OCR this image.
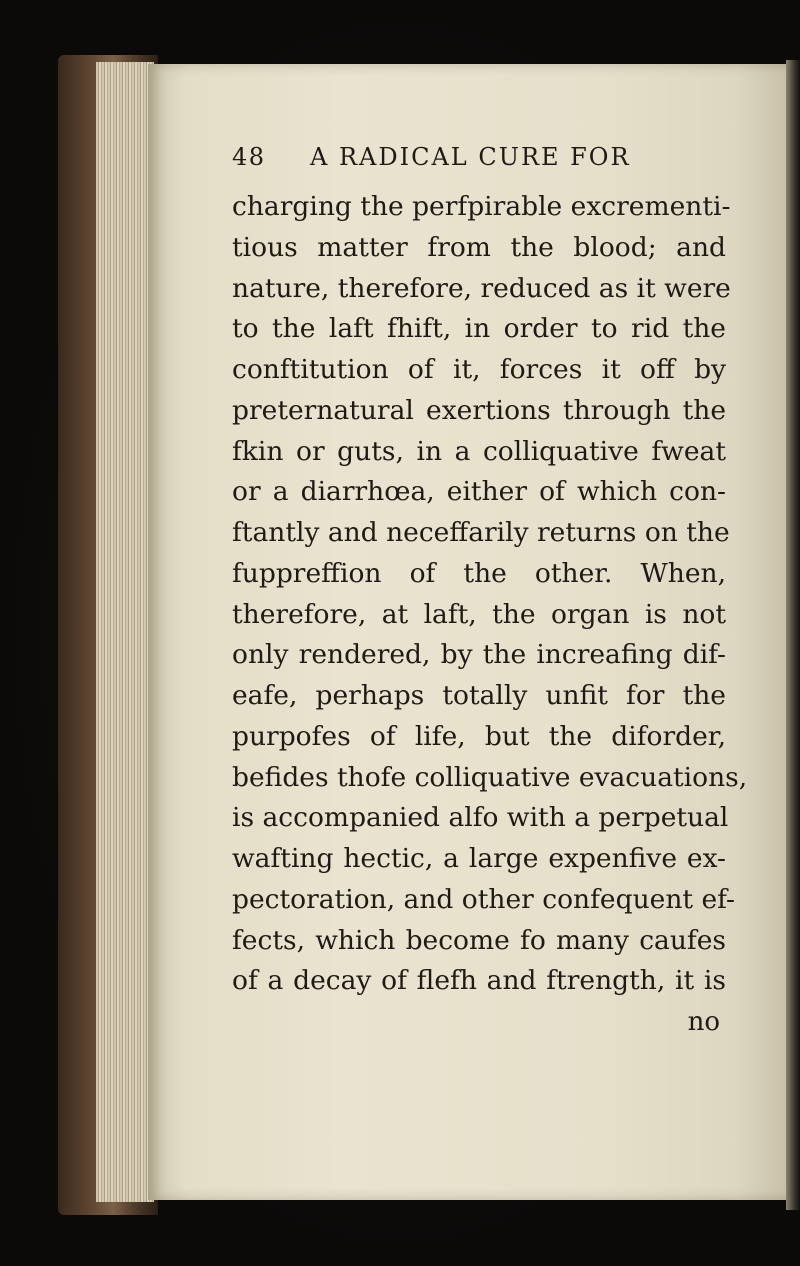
48	A RADICAL CURE FOR
charging the perfpirable excrementi-
tious matter from the blood; and
nature, therefore, reduced as it were
to the laft fhift, in order to rid the
conftitution of it, forces it off by
preternatural exertions through the
fkin or guts, in a colliquative fweat
or a diarrhœa, either of which con-
ftantly and neceffarily returns on the
fuppreffion of the other. When,
therefore, at laft, the organ is not
only rendered, by the increafing dif-
eafe, perhaps totally unfit for the
purpofes of life, but the diforder,
befides thofe colliquative evacuations,
is accompanied alfo with a perpetual
wafting hectic, a large expenfive ex-
pectoration, and other confequent ef-
fects, which become fo many caufes
of a decay of flefh and ftrength, it is
no
